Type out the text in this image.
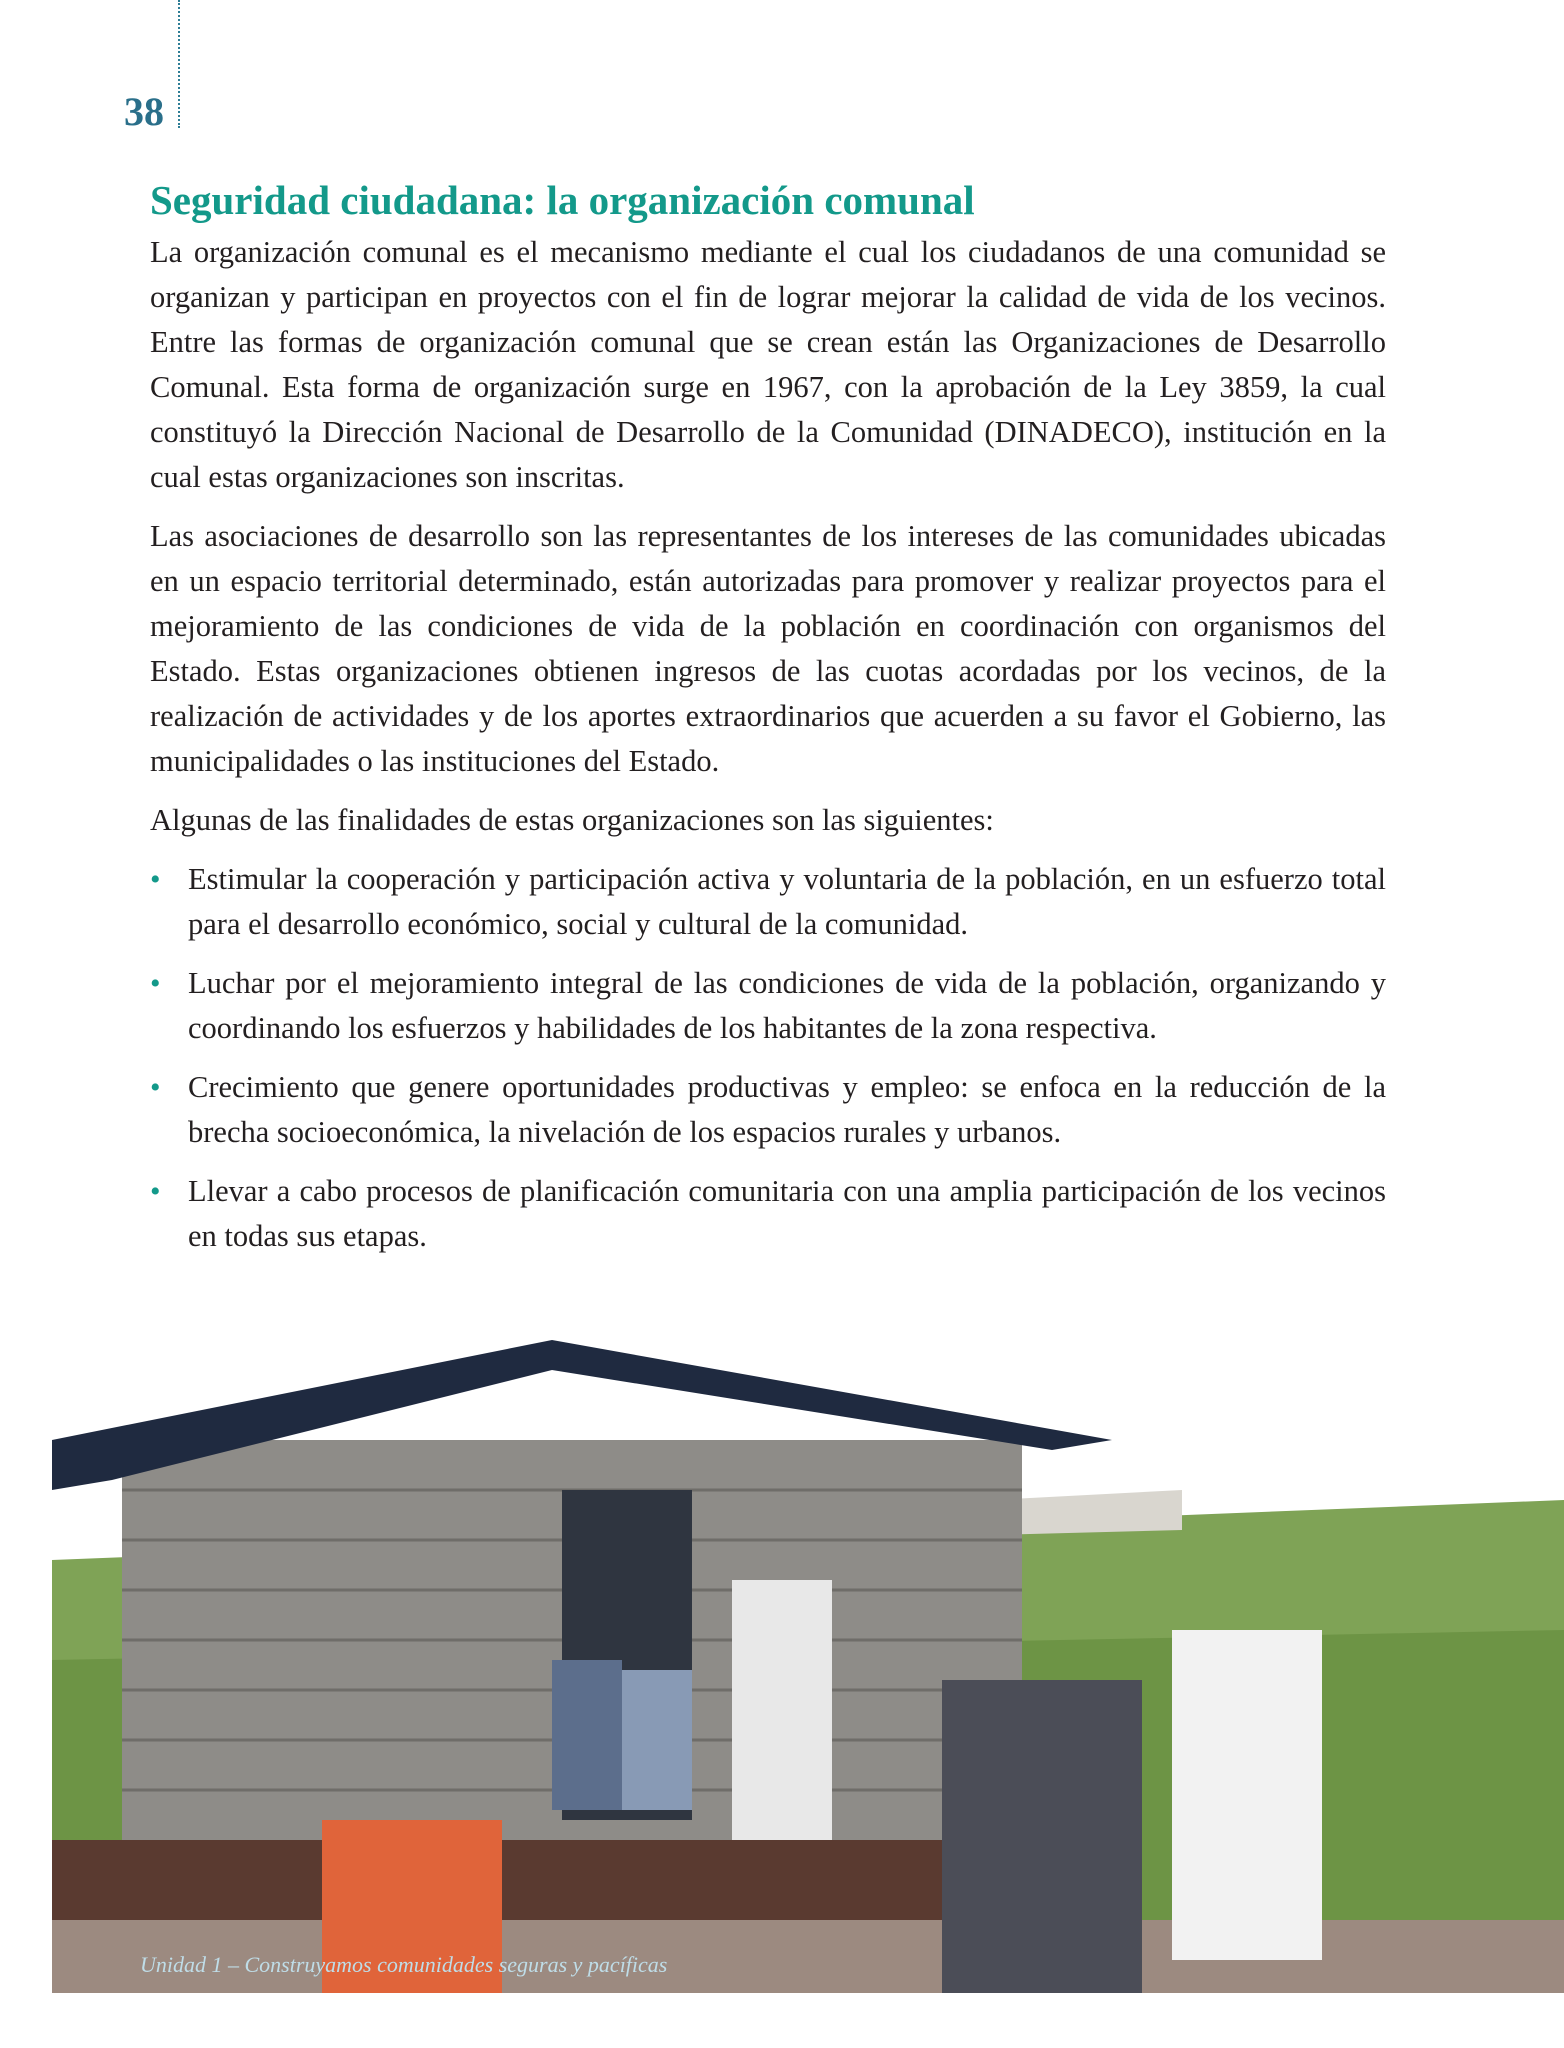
38
Seguridad ciudadana: la organización comunal

La organización comunal es el mecanismo mediante el cual los ciudadanos de una comunidad se organizan y participan en proyectos con el fin de lograr mejorar la calidad de vida de los vecinos. Entre las formas de organización comunal que se crean están las Organizaciones de Desarrollo Comunal. Esta forma de organización surge en 1967, con la aprobación de la Ley 3859, la cual constituyó la Dirección Nacional de Desarrollo de la Comunidad (DINADECO), institución en la cual estas organizaciones son inscritas.

Las asociaciones de desarrollo son las representantes de los intereses de las comunidades ubicadas en un espacio territorial determinado, están autorizadas para promover y realizar proyectos para el mejoramiento de las condiciones de vida de la población en coordinación con organismos del Estado. Estas organizaciones obtienen ingresos de las cuotas acordadas por los vecinos, de la realización de actividades y de los aportes extraordinarios que acuerden a su favor el Gobierno, las municipalidades o las instituciones del Estado.

Algunas de las finalidades de estas organizaciones son las siguientes:

• Estimular la cooperación y participación activa y voluntaria de la población, en un esfuerzo total para el desarrollo económico, social y cultural de la comunidad.
• Luchar por el mejoramiento integral de las condiciones de vida de la población, organizando y coordinando los esfuerzos y habilidades de los habitantes de la zona respectiva.
• Crecimiento que genere oportunidades productivas y empleo: se enfoca en la reducción de la brecha socioeconómica, la nivelación de los espacios rurales y urbanos.
• Llevar a cabo procesos de planificación comunitaria con una amplia participación de los vecinos en todas sus etapas.
Unidad 1 – Construyamos comunidades seguras y pacíficas
